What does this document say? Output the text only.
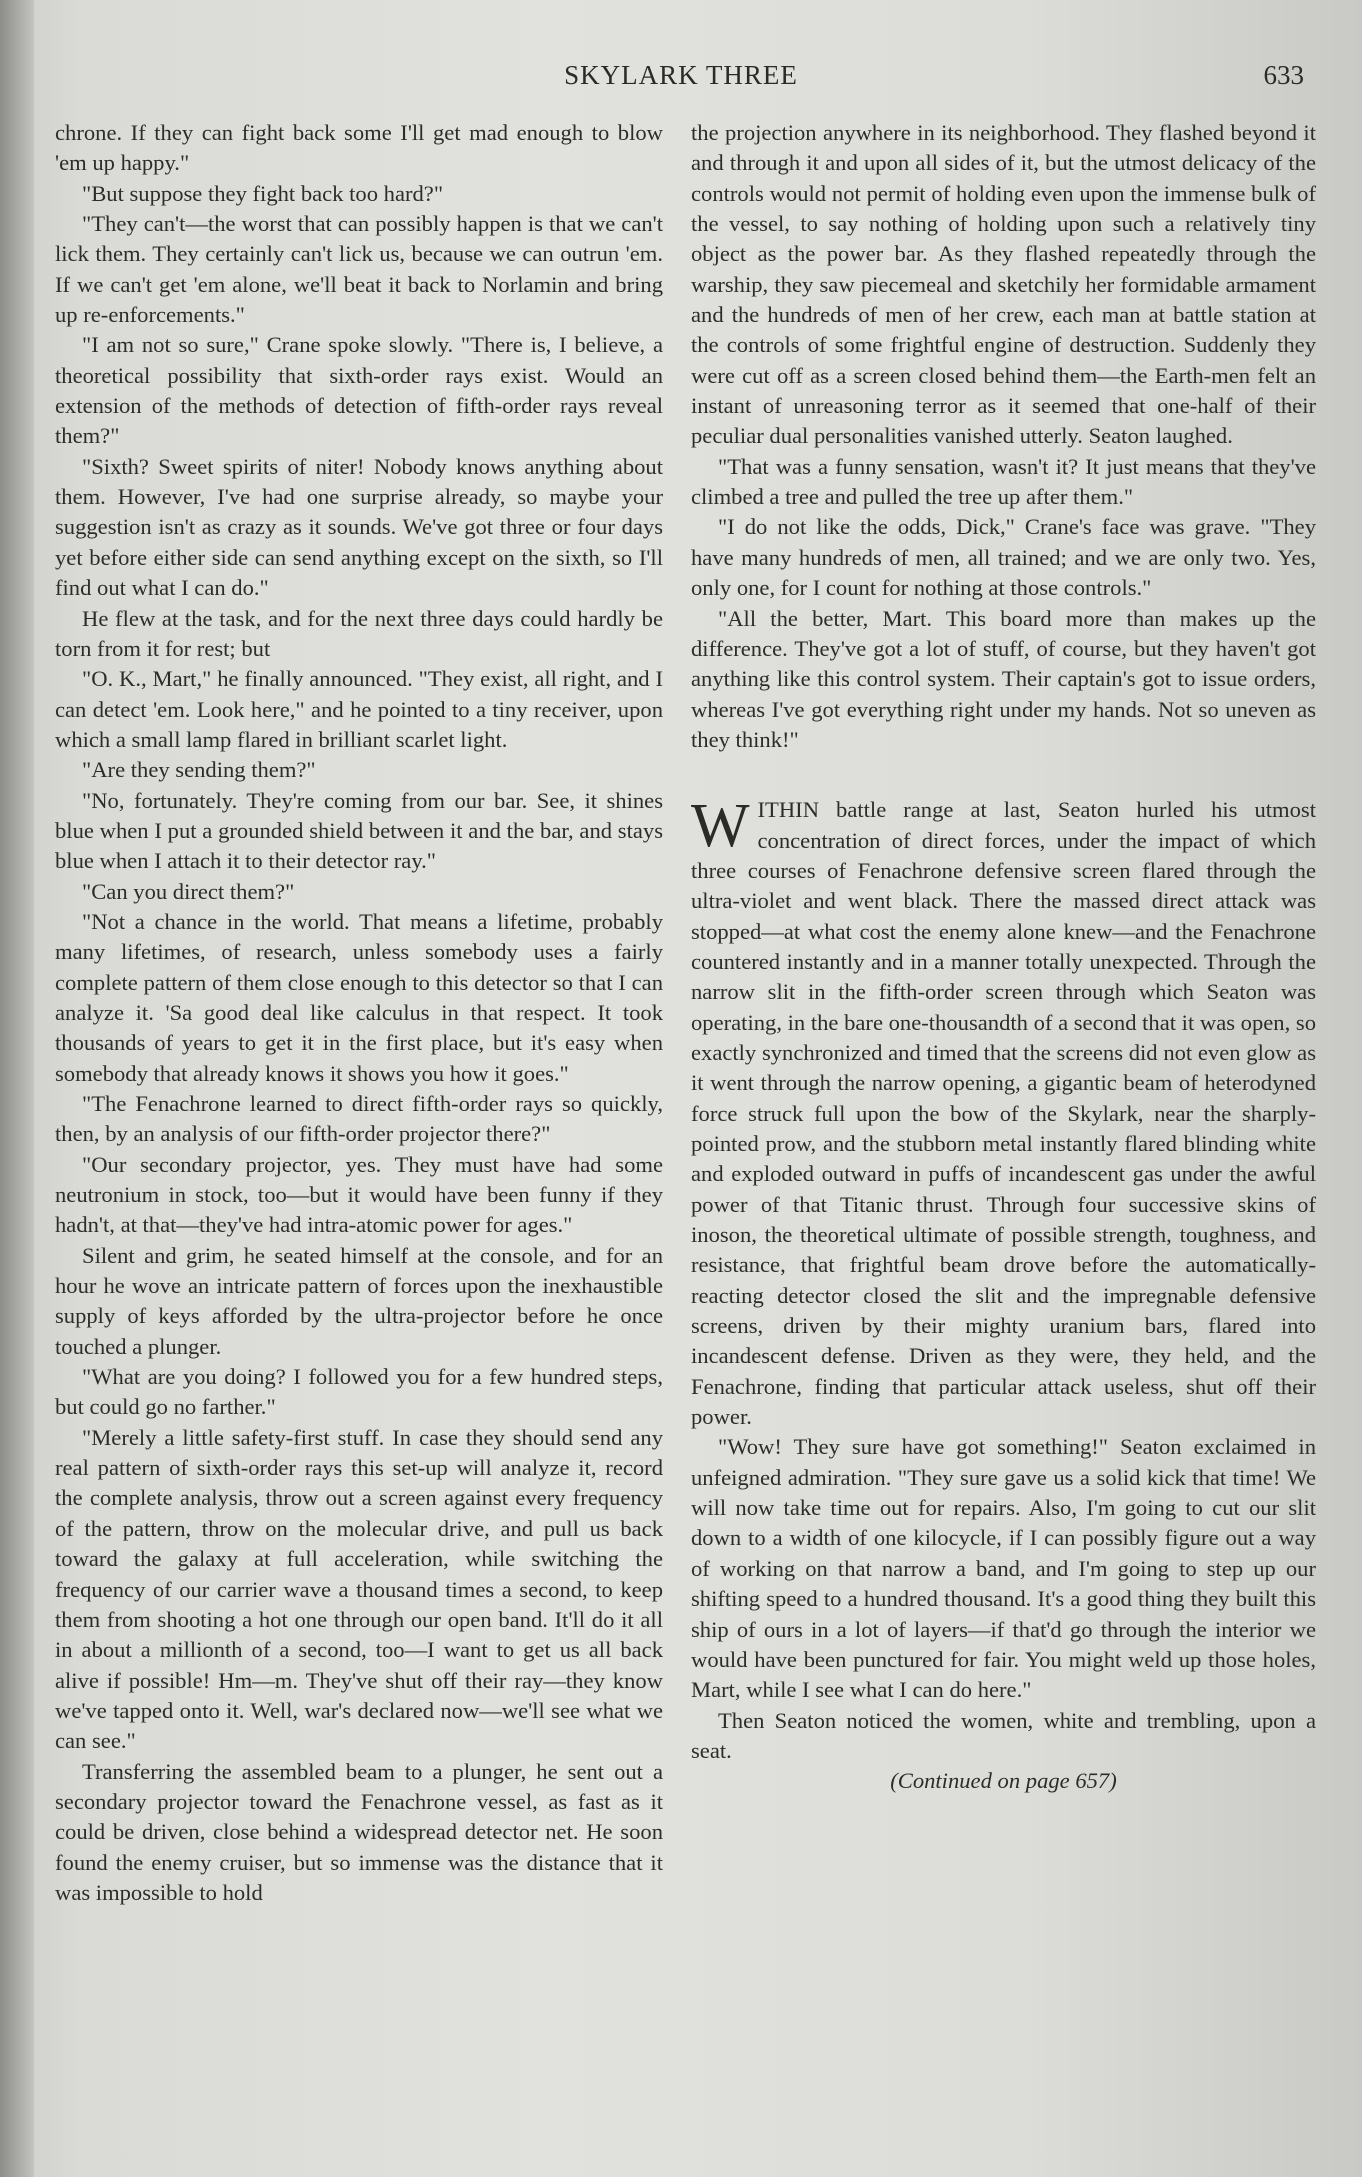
SKYLARK THREE	633

chrone. If they can fight back some I'll get mad enough to blow 'em up happy."

"But suppose they fight back too hard?"

"They can't—the worst that can possibly happen is that we can't lick them. They certainly can't lick us, because we can outrun 'em. If we can't get 'em alone, we'll beat it back to Norlamin and bring up re-enforcements."

"I am not so sure," Crane spoke slowly. "There is, I believe, a theoretical possibility that sixth-order rays exist. Would an extension of the methods of detection of fifth-order rays reveal them?"

"Sixth? Sweet spirits of niter! Nobody knows anything about them. However, I've had one surprise already, so maybe your suggestion isn't as crazy as it sounds. We've got three or four days yet before either side can send anything except on the sixth, so I'll find out what I can do."

He flew at the task, and for the next three days could hardly be torn from it for rest; but

"O. K., Mart," he finally announced. "They exist, all right, and I can detect 'em. Look here," and he pointed to a tiny receiver, upon which a small lamp flared in brilliant scarlet light.

"Are they sending them?"

"No, fortunately. They're coming from our bar. See, it shines blue when I put a grounded shield between it and the bar, and stays blue when I attach it to their detector ray."

"Can you direct them?"

"Not a chance in the world. That means a lifetime, probably many lifetimes, of research, unless somebody uses a fairly complete pattern of them close enough to this detector so that I can analyze it. 'Sa good deal like calculus in that respect. It took thousands of years to get it in the first place, but it's easy when somebody that already knows it shows you how it goes."

"The Fenachrone learned to direct fifth-order rays so quickly, then, by an analysis of our fifth-order projector there?"

"Our secondary projector, yes. They must have had some neutronium in stock, too—but it would have been funny if they hadn't, at that—they've had intra-atomic power for ages."

Silent and grim, he seated himself at the console, and for an hour he wove an intricate pattern of forces upon the inexhaustible supply of keys afforded by the ultra-projector before he once touched a plunger.

"What are you doing? I followed you for a few hundred steps, but could go no farther."

"Merely a little safety-first stuff. In case they should send any real pattern of sixth-order rays this set-up will analyze it, record the complete analysis, throw out a screen against every frequency of the pattern, throw on the molecular drive, and pull us back toward the galaxy at full acceleration, while switching the frequency of our carrier wave a thousand times a second, to keep them from shooting a hot one through our open band. It'll do it all in about a millionth of a second, too—I want to get us all back alive if possible! Hm—m. They've shut off their ray—they know we've tapped onto it. Well, war's declared now—we'll see what we can see."

Transferring the assembled beam to a plunger, he sent out a secondary projector toward the Fenachrone vessel, as fast as it could be driven, close behind a widespread detector net. He soon found the enemy cruiser, but so immense was the distance that it was impossible to hold

the projection anywhere in its neighborhood. They flashed beyond it and through it and upon all sides of it, but the utmost delicacy of the controls would not permit of holding even upon the immense bulk of the vessel, to say nothing of holding upon such a relatively tiny object as the power bar. As they flashed repeatedly through the warship, they saw piecemeal and sketchily her formidable armament and the hundreds of men of her crew, each man at battle station at the controls of some frightful engine of destruction. Suddenly they were cut off as a screen closed behind them—the Earth-men felt an instant of unreasoning terror as it seemed that one-half of their peculiar dual personalities vanished utterly. Seaton laughed.

"That was a funny sensation, wasn't it? It just means that they've climbed a tree and pulled the tree up after them."

"I do not like the odds, Dick," Crane's face was grave. "They have many hundreds of men, all trained; and we are only two. Yes, only one, for I count for nothing at those controls."

"All the better, Mart. This board more than makes up the difference. They've got a lot of stuff, of course, but they haven't got anything like this control system. Their captain's got to issue orders, whereas I've got everything right under my hands. Not so uneven as they think!"

WITHIN battle range at last, Seaton hurled his utmost concentration of direct forces, under the impact of which three courses of Fenachrone defensive screen flared through the ultra-violet and went black. There the massed direct attack was stopped—at what cost the enemy alone knew—and the Fenachrone countered instantly and in a manner totally unexpected. Through the narrow slit in the fifth-order screen through which Seaton was operating, in the bare one-thousandth of a second that it was open, so exactly synchronized and timed that the screens did not even glow as it went through the narrow opening, a gigantic beam of heterodyned force struck full upon the bow of the Skylark, near the sharply-pointed prow, and the stubborn metal instantly flared blinding white and exploded outward in puffs of incandescent gas under the awful power of that Titanic thrust. Through four successive skins of inoson, the theoretical ultimate of possible strength, toughness, and resistance, that frightful beam drove before the automatically-reacting detector closed the slit and the impregnable defensive screens, driven by their mighty uranium bars, flared into incandescent defense. Driven as they were, they held, and the Fenachrone, finding that particular attack useless, shut off their power.

"Wow! They sure have got something!" Seaton exclaimed in unfeigned admiration. "They sure gave us a solid kick that time! We will now take time out for repairs. Also, I'm going to cut our slit down to a width of one kilocycle, if I can possibly figure out a way of working on that narrow a band, and I'm going to step up our shifting speed to a hundred thousand. It's a good thing they built this ship of ours in a lot of layers—if that'd go through the interior we would have been punctured for fair. You might weld up those holes, Mart, while I see what I can do here."

Then Seaton noticed the women, white and trembling, upon a seat.

(Continued on page 657)
